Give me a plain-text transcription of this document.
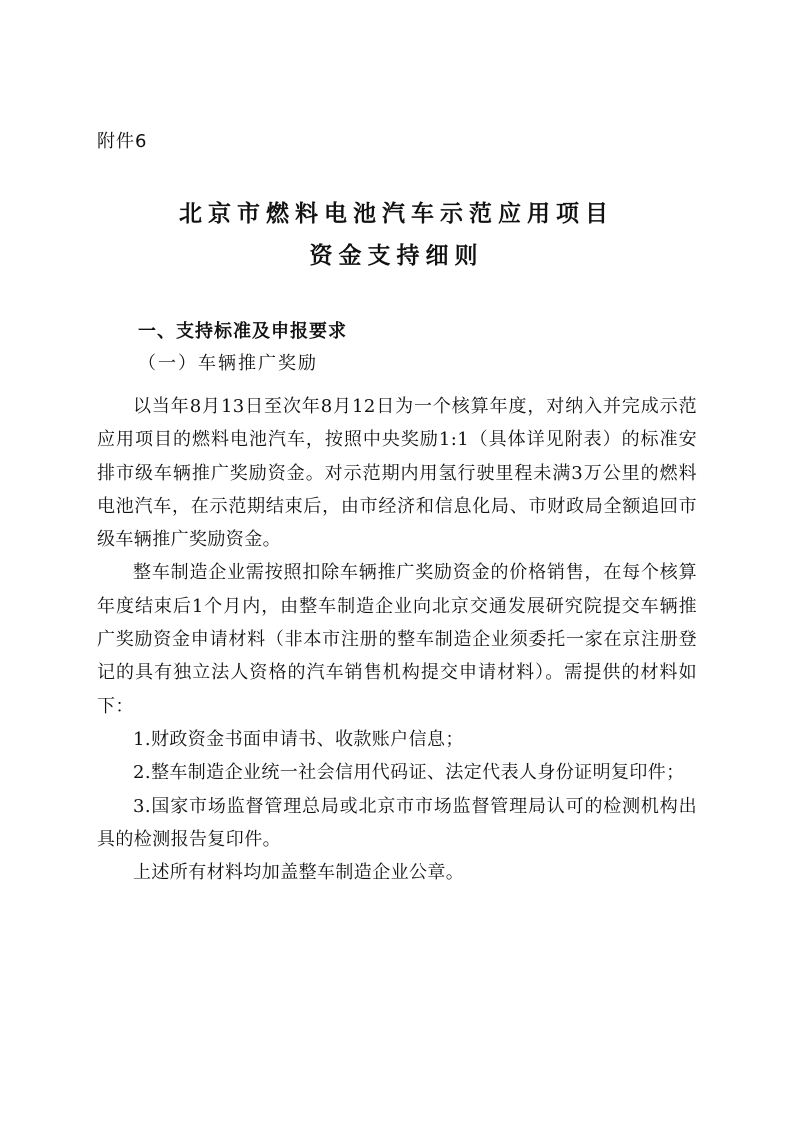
附件6
北京市燃料电池汽车示范应用项目
资金支持细则
一、支持标准及申报要求
（一）车辆推广奖励

以当年8月13日至次年8月12日为一个核算年度，对纳入并完成示范应用项目的燃料电池汽车，按照中央奖励1:1（具体详见附表）的标准安排市级车辆推广奖励资金。对示范期内用氢行驶里程未满3万公里的燃料电池汽车，在示范期结束后，由市经济和信息化局、市财政局全额追回市级车辆推广奖励资金。

整车制造企业需按照扣除车辆推广奖励资金的价格销售，在每个核算年度结束后1个月内，由整车制造企业向北京交通发展研究院提交车辆推广奖励资金申请材料（非本市注册的整车制造企业须委托一家在京注册登记的具有独立法人资格的汽车销售机构提交申请材料）。需提供的材料如下：

1.财政资金书面申请书、收款账户信息；

2.整车制造企业统一社会信用代码证、法定代表人身份证明复印件；

3.国家市场监督管理总局或北京市市场监督管理局认可的检测机构出具的检测报告复印件。

上述所有材料均加盖整车制造企业公章。
